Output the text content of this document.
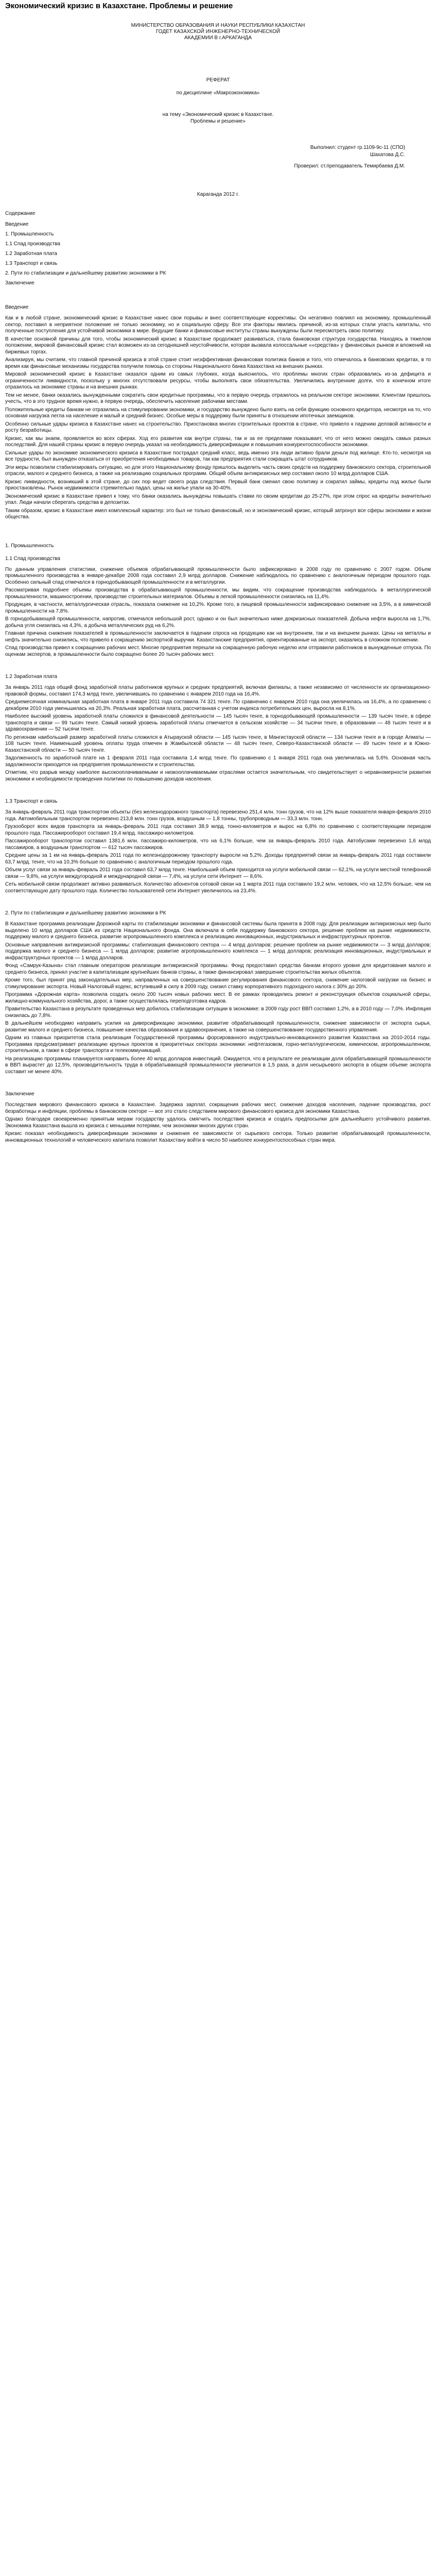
Экономический кризис в Казахстане. Проблемы и решение
МИНИСТЕРСТВО ОБРАЗОВАНИЯ И НАУКИ РЕСПУБЛИКИ КАЗАХСТАН
ГОДЕТ КАЗАХСКОЙ ИНЖЕНЕРНО-ТЕХНИЧЕСКОЙ
АКАДЕМИИ В г.АРКАГАНДА
РЕФЕРАТ
по дисциплине «Макроэкономика»
на тему «Экономический кризис в Казахстане.
Проблемы и решение»
Выполнил: студент гр.1109-9c-11 (СПО)
Шахатова Д.С.
Проверил: ст.преподаватель Темирбаева Д.М.
Караганда 2012 г.
Содержание

Введение

1. Промышленность

1.1 Спад производства

1.2 Заработная плата

1.3 Транспорт и связь

2. Пути по стабилизации и дальнейшему развитию экономики в РК

Заключение

Введение

Как и в любой стране, экономический кризис в Казахстане нанес свои порывы и внес соответствующие коррективы. Он негативно повлиял на экономику, промышленный сектор, поставил в неприятное положение не только экономику, но и социальную сферу. Все эти факторы явились причиной, из-за которых стали упасть капиталы, что полученные поступления для устойчивой экономики в мире. Ведущие банки и финансовые институты страны вынуждены были пересмотреть свою политику.

В качестве основной причины для того, чтобы экономический кризис в Казахстане продолжает развиваться, стала банковская структура государства. Находясь в тяжелом положении, мировой финансовый кризис стал возможен из-за сегодняшней неустойчивости, которая вызвала колоссальные ««средства» у финансовых рынков и вложений на биржевых торгах.

Анализируя, мы считаем, что главной причиной кризиса в этой стране стоит неэффективная финансовая политика банков и того, что отмечалось в банковских кредитах, в то время как финансовые механизмы государства получили помощь со стороны Национального банка Казахстана на внешних рынках.

Мировой экономический кризис в Казахстане оказался одним из самых глубоких, когда выяснилось, что проблемы многих стран образовались из-за дефицита и ограниченности ликвидности, поскольку у многих отсутствовали ресурсы, чтобы выполнять свои обязательства. Увеличились внутренние долги, что в конечном итоге отразилось на экономике страны и на внешних рынках.

Тем не менее, банки оказались вынужденными сократить свои кредитные программы, что в первую очередь отразилось на реальном секторе экономики. Клиентам пришлось учесть, что в это трудное время нужно, в первую очередь, обеспечить население рабочими местами.

Положительные кредиты банкам не отразились на стимулировании экономики, и государство вынуждено было взять на себя функцию основного кредитора, несмотря на то, что основная нагрузка легла на население и малый и средний бизнес. Особые меры в поддержку были приняты в отношении ипотечных заемщиков.

Особенно сильные удары кризиса в Казахстане нанес на строительство. Приостановка многих строительных проектов в стране, что привело к падению деловой активности и росту безработицы.

Кризис, как мы знаем, проявляется во всех сферах. Ход его развития как внутри страны, так и за ее пределами показывает, что от него можно ожидать самых разных последствий. Для нашей страны кризис в первую очередь указал на необходимость диверсификации и повышения конкурентоспособности экономики.

Сильные удары по экономике экономического кризиса в Казахстане пострадал средний класс, ведь именно эта люди активно брали деньги под жилище. Кто-то, несмотря на все трудности, был вынужден отказаться от приобретения необходимых товаров, так как предприятия стали сокращать штат сотрудников.

Эти меры позволили стабилизировать ситуацию, но для этого Национальному фонду пришлось выделить часть своих средств на поддержку банковского сектора, строительной отрасли, малого и среднего бизнеса, а также на реализацию социальных программ. Общий объем антикризисных мер составил около 10 млрд долларов США.

Кризис ликвидности, возникший в этой стране, до сих пор ведет своего рода следствия. Первый банк сменил свою политику и сократил займы, кредиты под жилье были приостановлены. Рынок недвижимости стремительно падал, цены на жилье упали на 30-40%.

Экономический кризис в Казахстане привел к тому, что банки оказались вынуждены повышать ставки по своим кредитам до 25-27%, при этом спрос на кредиты значительно упал. Люди начали сберегать средства в депозитах.

Таким образом, кризис в Казахстане имел комплексный характер: это был не только финансовый, но и экономический кризис, который затронул все сферы экономики и жизни общества.

1. Промышленность
1.1 Спад производства

По данным управления статистики, снижение объемов обрабатывающей промышленности было зафиксировано в 2008 году по сравнению с 2007 годом. Объем промышленного производства в январе-декабре 2008 года составил 2,9 млрд долларов. Снижение наблюдалось по сравнению с аналогичным периодом прошлого года. Особенно сильный спад отмечался в горнодобывающей промышленности и в металлургии.

Рассматривая подробнее объемы производства в обрабатывающей промышленности, мы видим, что сокращение производства наблюдалось в металлургической промышленности, машиностроении, производстве строительных материалов. Объемы в легкой промышленности снизились на 11,4%.

Продукция, в частности, металлургическая отрасль, показала снижение на 10,2%. Кроме того, в пищевой промышленности зафиксировано снижение на 3,5%, а в химической промышленности на 7,8%.

В горнодобывающей промышленности, напротив, отмечался небольшой рост, однако и он был значительно ниже докризисных показателей. Добыча нефти выросла на 1,7%, добыча угля снизилась на 4,3%, а добыча металлических руд на 6,2%.

Главная причина снижения показателей в промышленности заключается в падении спроса на продукцию как на внутреннем, так и на внешнем рынках. Цены на металлы и нефть значительно снизились, что привело к сокращению экспортной выручки. Казахстанские предприятия, ориентированные на экспорт, оказались в сложном положении.

Спад производства привел к сокращению рабочих мест. Многие предприятия перешли на сокращенную рабочую неделю или отправили работников в вынужденные отпуска. По оценкам экспертов, в промышленности было сокращено более 20 тысяч рабочих мест.

1.2 Заработная плата

За январь 2011 года общий фонд заработной платы работников крупных и средних предприятий, включая филиалы, а также независимо от численности их организационно-правовой формы, составил 174,3 млрд тенге, увеличившись по сравнению с январем 2010 года на 16,4%.

Среднемесячная номинальная заработная плата в январе 2011 года составила 74 321 тенге. По сравнению с январем 2010 года она увеличилась на 16,4%, а по сравнению с декабрем 2010 года уменьшилась на 20,3%. Реальная заработная плата, рассчитанная с учетом индекса потребительских цен, выросла на 8,1%.

Наиболее высокий уровень заработной платы сложился в финансовой деятельности — 145 тысяч тенге, в горнодобывающей промышленности — 139 тысяч тенге, в сфере транспорта и связи — 99 тысяч тенге. Самый низкий уровень заработной платы отмечается в сельском хозяйстве — 34 тысячи тенге, в образовании — 48 тысяч тенге и в здравоохранении — 52 тысячи тенге.

По регионам наибольший размер заработной платы сложился в Атырауской области — 145 тысяч тенге, в Мангистауской области — 134 тысячи тенге и в городе Алматы — 108 тысяч тенге. Наименьший уровень оплаты труда отмечен в Жамбылской области — 48 тысяч тенге, Северо-Казахстанской области — 49 тысяч тенге и в Южно-Казахстанской области — 50 тысяч тенге.

Задолженность по заработной плате на 1 февраля 2011 года составила 1,4 млрд тенге. По сравнению с 1 января 2011 года она увеличилась на 5,6%. Основная часть задолженности приходится на предприятия промышленности и строительства.

Отметим, что разрыв между наиболее высокооплачиваемыми и низкооплачиваемыми отраслями остается значительным, что свидетельствует о неравномерности развития экономики и необходимости проведения политики по повышению доходов населения.

1.3 Транспорт и связь

За январь-февраль 2011 года транспортом объекты (без железнодорожного транспорта) перевезено 251,4 млн. тонн грузов, что на 12% выше показателя января-февраля 2010 года. Автомобильным транспортом перевезено 213,8 млн. тонн грузов, воздушным — 1,8 тонны, трубопроводным — 33,3 млн. тонн.

Грузооборот всех видов транспорта за январь-февраль 2011 года составил 38,9 млрд. тонно-километров и вырос на 6,8% по сравнению с соответствующим периодом прошлого года. Пассажирооборот составил 19,4 млрд. пассажиро-километров.

Пассажирооборот транспортом составил 1381,6 млн. пассажиро-километров, что на 6,1% больше, чем за январь-февраль 2010 года. Автобусами перевезено 1,6 млрд пассажиров, а воздушным транспортом — 612 тысяч пассажиров.

Средние цены за 1 км на январь-февраль 2011 года по железнодорожному транспорту выросли на 5,2%. Доходы предприятий связи за январь-февраль 2011 года составили 63,7 млрд. тенге, что на 10,3% больше по сравнению с аналогичным периодом прошлого года.

Объем услуг связи за январь-февраль 2011 года составил 63,7 млрд тенге. Наибольший объем приходится на услуги мобильной связи — 62,1%, на услуги местной телефонной связи — 9,8%, на услуги междугородной и международной связи — 7,4%, на услуги сети Интернет — 8,6%.

Сеть мобильной связи продолжает активно развиваться. Количество абонентов сотовой связи на 1 марта 2011 года составило 19,2 млн. человек, что на 12,5% больше, чем на соответствующую дату прошлого года. Количество пользователей сети Интернет увеличилось на 23,4%.

2. Пути по стабилизации и дальнейшему развитию экономики в РК

В Казахстане программа реализации Дорожной карты по стабилизации экономики и финансовой системы была принята в 2008 году. Для реализации антикризисных мер было выделено 10 млрд долларов США из средств Национального фонда. Она включала в себя поддержку банковского сектора, решение проблем на рынке недвижимости, поддержку малого и среднего бизнеса, развитие агропромышленного комплекса и реализацию инновационных, индустриальных и инфраструктурных проектов.

Основные направления антикризисной программы: стабилизация финансового сектора — 4 млрд долларов; решение проблем на рынке недвижимости — 3 млрд долларов; поддержка малого и среднего бизнеса — 1 млрд долларов; развитие агропромышленного комплекса — 1 млрд долларов; реализация инновационных, индустриальных и инфраструктурных проектов — 1 млрд долларов.

Фонд «Самрук-Казына» стал главным оператором реализации антикризисной программы. Фонд предоставил средства банкам второго уровня для кредитования малого и среднего бизнеса, принял участие в капитализации крупнейших банков страны, а также финансировал завершение строительства жилых объектов.

Кроме того, был принят ряд законодательных мер, направленных на совершенствование регулирования финансового сектора, снижение налоговой нагрузки на бизнес и стимулирование экспорта. Новый Налоговый кодекс, вступивший в силу в 2009 году, снизил ставку корпоративного подоходного налога с 30% до 20%.

Программа «Дорожная карта» позволила создать около 200 тысяч новых рабочих мест. В ее рамках проводились ремонт и реконструкция объектов социальной сферы, жилищно-коммунального хозяйства, дорог, а также осуществлялась переподготовка кадров.

Правительство Казахстана в результате проведенных мер добилось стабилизации ситуации в экономике: в 2009 году рост ВВП составил 1,2%, а в 2010 году — 7,0%. Инфляция снизилась до 7,8%.

В дальнейшем необходимо направить усилия на диверсификацию экономики, развитие обрабатывающей промышленности, снижение зависимости от экспорта сырья, развитие малого и среднего бизнеса, повышение качества образования и здравоохранения, а также на совершенствование государственного управления.

Одним из главных приоритетов стала реализация Государственной программы форсированного индустриально-инновационного развития Казахстана на 2010-2014 годы. Программа предусматривает реализацию крупных проектов в приоритетных секторах экономики: нефтегазовом, горно-металлургическом, химическом, агропромышленном, строительном, а также в сфере транспорта и телекоммуникаций.

На реализацию программы планируется направить более 40 млрд долларов инвестиций. Ожидается, что в результате ее реализации доля обрабатывающей промышленности в ВВП вырастет до 12,5%, производительность труда в обрабатывающей промышленности увеличится в 1,5 раза, а доля несырьевого экспорта в общем объеме экспорта составит не менее 40%.

Заключение

Последствия мирового финансового кризиса в Казахстане. Задержка зарплат, сокращения рабочих мест, снижение доходов населения, падение производства, рост безработицы и инфляции, проблемы в банковском секторе — все это стало следствием мирового финансового кризиса для экономики Казахстана.

Однако благодаря своевременно принятым мерам государству удалось смягчить последствия кризиса и создать предпосылки для дальнейшего устойчивого развития. Экономика Казахстана вышла из кризиса с меньшими потерями, чем экономики многих других стран.

Кризис показал необходимость диверсификации экономики и снижения ее зависимости от сырьевого сектора. Только развитие обрабатывающей промышленности, инновационных технологий и человеческого капитала позволит Казахстану войти в число 50 наиболее конкурентоспособных стран мира.
